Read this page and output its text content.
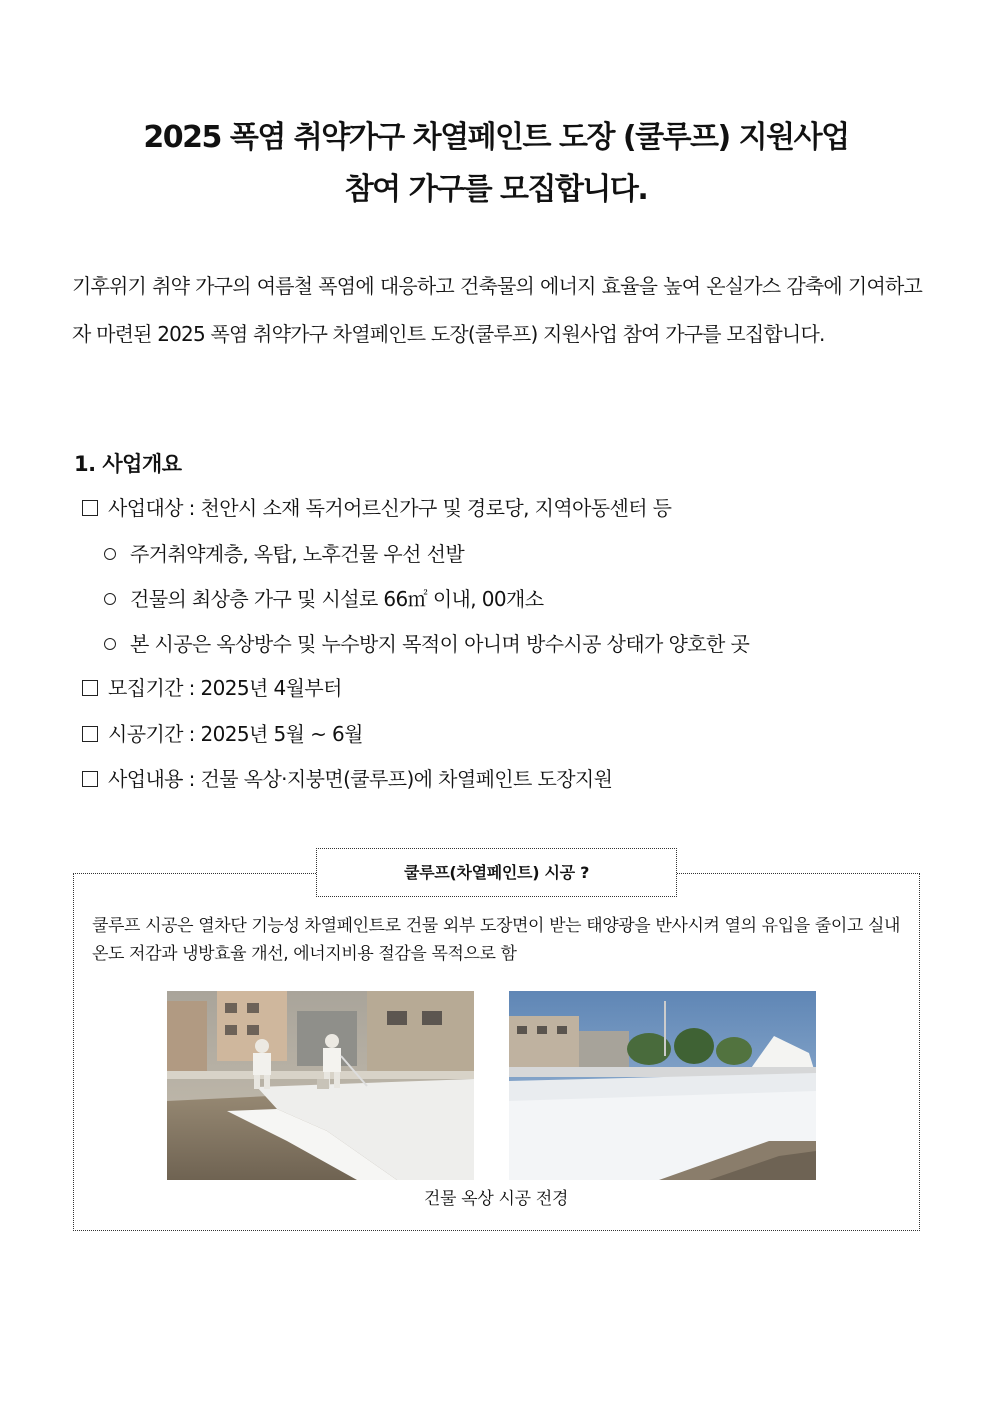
2025 폭염 취약가구 차열페인트 도장 (쿨루프) 지원사업
참여 가구를 모집합니다.
기후위기 취약 가구의 여름철 폭염에 대응하고 건축물의 에너지 효율을 높여 온실가스 감축에 기여하고자 마련된 2025 폭염 취약가구 차열페인트 도장(쿨루프) 지원사업 참여 가구를 모집합니다.
1. 사업개요
사업대상 : 천안시 소재 독거어르신가구 및 경로당, 지역아동센터 등
주거취약계층, 옥탑, 노후건물 우선 선발
건물의 최상층 가구 및 시설로 66㎡ 이내, 00개소
본 시공은 옥상방수 및 누수방지 목적이 아니며 방수시공 상태가 양호한 곳
모집기간 : 2025년 4월부터
시공기간 : 2025년 5월 ~ 6월
사업내용 : 건물 옥상·지붕면(쿨루프)에 차열페인트 도장지원
쿨루프(차열페인트) 시공 ?
쿨루프 시공은 열차단 기능성 차열페인트로 건물 외부 도장면이 받는 태양광을 반사시켜 열의 유입을 줄이고 실내온도 저감과 냉방효율 개선, 에너지비용 절감을 목적으로 함
건물 옥상 시공 전경
